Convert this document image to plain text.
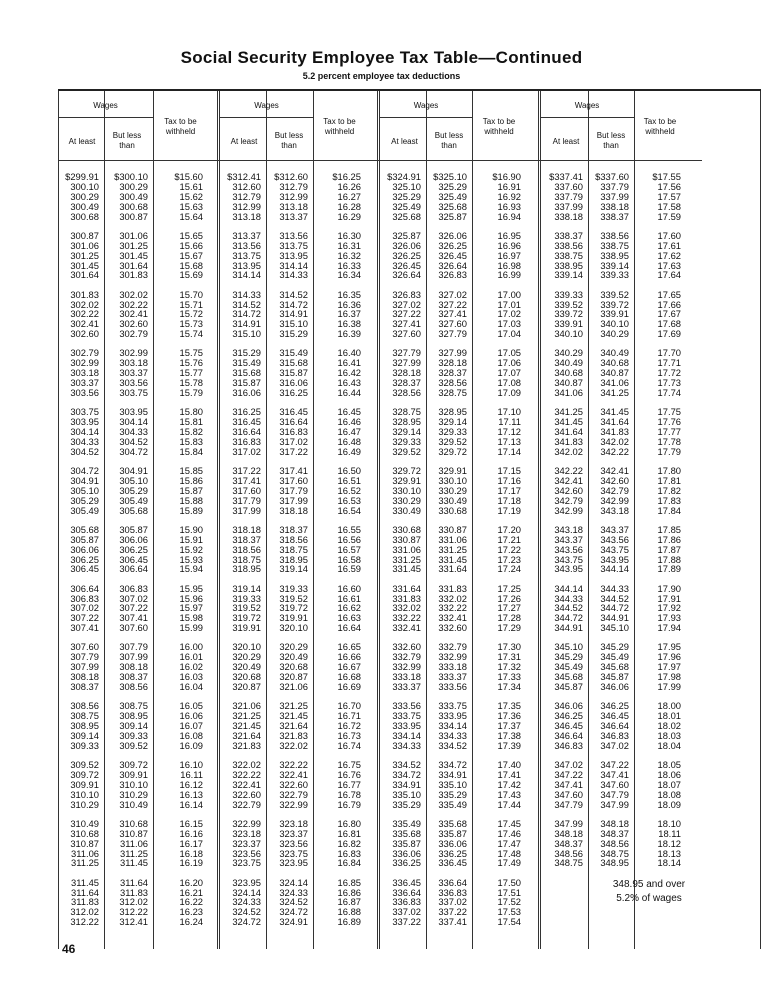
Social Security Employee Tax Table—Continued
5.2 percent employee tax deductions
Wages
At least
But less than
Tax to be withheld
Wages
At least
But less than
Tax to be withheld
Wages
At least
But less than
Tax to be withheld
Wages
At least
But less than
Tax to be withheld
$299.91	$300.10	$15.60
300.10	300.29	15.61
300.29	300.49	15.62
300.49	300.68	15.63
300.68	300.87	15.64
300.87	301.06	15.65
301.06	301.25	15.66
301.25	301.45	15.67
301.45	301.64	15.68
301.64	301.83	15.69
301.83	302.02	15.70
302.02	302.22	15.71
302.22	302.41	15.72
302.41	302.60	15.73
302.60	302.79	15.74
302.79	302.99	15.75
302.99	303.18	15.76
303.18	303.37	15.77
303.37	303.56	15.78
303.56	303.75	15.79
303.75	303.95	15.80
303.95	304.14	15.81
304.14	304.33	15.82
304.33	304.52	15.83
304.52	304.72	15.84
304.72	304.91	15.85
304.91	305.10	15.86
305.10	305.29	15.87
305.29	305.49	15.88
305.49	305.68	15.89
305.68	305.87	15.90
305.87	306.06	15.91
306.06	306.25	15.92
306.25	306.45	15.93
306.45	306.64	15.94
306.64	306.83	15.95
306.83	307.02	15.96
307.02	307.22	15.97
307.22	307.41	15.98
307.41	307.60	15.99
307.60	307.79	16.00
307.79	307.99	16.01
307.99	308.18	16.02
308.18	308.37	16.03
308.37	308.56	16.04
308.56	308.75	16.05
308.75	308.95	16.06
308.95	309.14	16.07
309.14	309.33	16.08
309.33	309.52	16.09
309.52	309.72	16.10
309.72	309.91	16.11
309.91	310.10	16.12
310.10	310.29	16.13
310.29	310.49	16.14
310.49	310.68	16.15
310.68	310.87	16.16
310.87	311.06	16.17
311.06	311.25	16.18
311.25	311.45	16.19
311.45	311.64	16.20
311.64	311.83	16.21
311.83	312.02	16.22
312.02	312.22	16.23
312.22	312.41	16.24
$312.41	$312.60	$16.25
312.60	312.79	16.26
312.79	312.99	16.27
312.99	313.18	16.28
313.18	313.37	16.29
313.37	313.56	16.30
313.56	313.75	16.31
313.75	313.95	16.32
313.95	314.14	16.33
314.14	314.33	16.34
314.33	314.52	16.35
314.52	314.72	16.36
314.72	314.91	16.37
314.91	315.10	16.38
315.10	315.29	16.39
315.29	315.49	16.40
315.49	315.68	16.41
315.68	315.87	16.42
315.87	316.06	16.43
316.06	316.25	16.44
316.25	316.45	16.45
316.45	316.64	16.46
316.64	316.83	16.47
316.83	317.02	16.48
317.02	317.22	16.49
317.22	317.41	16.50
317.41	317.60	16.51
317.60	317.79	16.52
317.79	317.99	16.53
317.99	318.18	16.54
318.18	318.37	16.55
318.37	318.56	16.56
318.56	318.75	16.57
318.75	318.95	16.58
318.95	319.14	16.59
319.14	319.33	16.60
319.33	319.52	16.61
319.52	319.72	16.62
319.72	319.91	16.63
319.91	320.10	16.64
320.10	320.29	16.65
320.29	320.49	16.66
320.49	320.68	16.67
320.68	320.87	16.68
320.87	321.06	16.69
321.06	321.25	16.70
321.25	321.45	16.71
321.45	321.64	16.72
321.64	321.83	16.73
321.83	322.02	16.74
322.02	322.22	16.75
322.22	322.41	16.76
322.41	322.60	16.77
322.60	322.79	16.78
322.79	322.99	16.79
322.99	323.18	16.80
323.18	323.37	16.81
323.37	323.56	16.82
323.56	323.75	16.83
323.75	323.95	16.84
323.95	324.14	16.85
324.14	324.33	16.86
324.33	324.52	16.87
324.52	324.72	16.88
324.72	324.91	16.89
$324.91	$325.10	$16.90
325.10	325.29	16.91
325.29	325.49	16.92
325.49	325.68	16.93
325.68	325.87	16.94
325.87	326.06	16.95
326.06	326.25	16.96
326.25	326.45	16.97
326.45	326.64	16.98
326.64	326.83	16.99
326.83	327.02	17.00
327.02	327.22	17.01
327.22	327.41	17.02
327.41	327.60	17.03
327.60	327.79	17.04
327.79	327.99	17.05
327.99	328.18	17.06
328.18	328.37	17.07
328.37	328.56	17.08
328.56	328.75	17.09
328.75	328.95	17.10
328.95	329.14	17.11
329.14	329.33	17.12
329.33	329.52	17.13
329.52	329.72	17.14
329.72	329.91	17.15
329.91	330.10	17.16
330.10	330.29	17.17
330.29	330.49	17.18
330.49	330.68	17.19
330.68	330.87	17.20
330.87	331.06	17.21
331.06	331.25	17.22
331.25	331.45	17.23
331.45	331.64	17.24
331.64	331.83	17.25
331.83	332.02	17.26
332.02	332.22	17.27
332.22	332.41	17.28
332.41	332.60	17.29
332.60	332.79	17.30
332.79	332.99	17.31
332.99	333.18	17.32
333.18	333.37	17.33
333.37	333.56	17.34
333.56	333.75	17.35
333.75	333.95	17.36
333.95	334.14	17.37
334.14	334.33	17.38
334.33	334.52	17.39
334.52	334.72	17.40
334.72	334.91	17.41
334.91	335.10	17.42
335.10	335.29	17.43
335.29	335.49	17.44
335.49	335.68	17.45
335.68	335.87	17.46
335.87	336.06	17.47
336.06	336.25	17.48
336.25	336.45	17.49
336.45	336.64	17.50
336.64	336.83	17.51
336.83	337.02	17.52
337.02	337.22	17.53
337.22	337.41	17.54
$337.41	$337.60	$17.55
337.60	337.79	17.56
337.79	337.99	17.57
337.99	338.18	17.58
338.18	338.37	17.59
338.37	338.56	17.60
338.56	338.75	17.61
338.75	338.95	17.62
338.95	339.14	17.63
339.14	339.33	17.64
339.33	339.52	17.65
339.52	339.72	17.66
339.72	339.91	17.67
339.91	340.10	17.68
340.10	340.29	17.69
340.29	340.49	17.70
340.49	340.68	17.71
340.68	340.87	17.72
340.87	341.06	17.73
341.06	341.25	17.74
341.25	341.45	17.75
341.45	341.64	17.76
341.64	341.83	17.77
341.83	342.02	17.78
342.02	342.22	17.79
342.22	342.41	17.80
342.41	342.60	17.81
342.60	342.79	17.82
342.79	342.99	17.83
342.99	343.18	17.84
343.18	343.37	17.85
343.37	343.56	17.86
343.56	343.75	17.87
343.75	343.95	17.88
343.95	344.14	17.89
344.14	344.33	17.90
344.33	344.52	17.91
344.52	344.72	17.92
344.72	344.91	17.93
344.91	345.10	17.94
345.10	345.29	17.95
345.29	345.49	17.96
345.49	345.68	17.97
345.68	345.87	17.98
345.87	346.06	17.99
346.06	346.25	18.00
346.25	346.45	18.01
346.45	346.64	18.02
346.64	346.83	18.03
346.83	347.02	18.04
347.02	347.22	18.05
347.22	347.41	18.06
347.41	347.60	18.07
347.60	347.79	18.08
347.79	347.99	18.09
347.99	348.18	18.10
348.18	348.37	18.11
348.37	348.56	18.12
348.56	348.75	18.13
348.75	348.95	18.14
348.95 and over
5.2% of wages
46
